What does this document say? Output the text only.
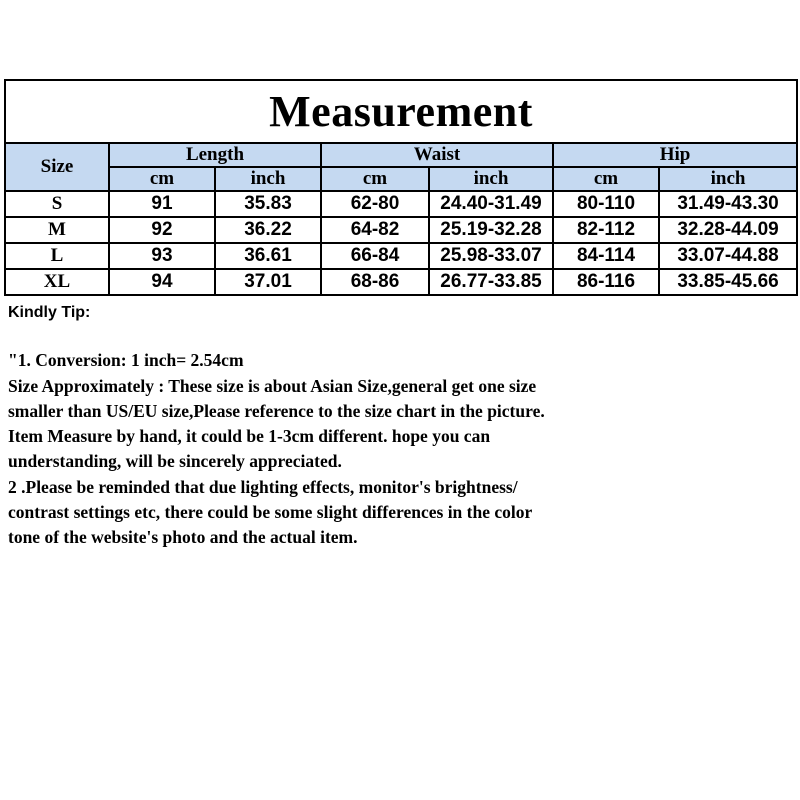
Measurement						
Size	Length		Waist		Hip	
	cm	inch	cm	inch	cm	inch
S	91	35.83	62-80	24.40-31.49	80-110	31.49-43.30
M	92	36.22	64-82	25.19-32.28	82-112	32.28-44.09
L	93	36.61	66-84	25.98-33.07	84-114	33.07-44.88
XL	94	37.01	68-86	26.77-33.85	86-116	33.85-45.66

Kindly Tip:

"1. Conversion: 1 inch= 2.54cm

Size Approximately : These size is about Asian Size,general get one size smaller than US/EU size,Please reference to the size chart in the picture. Item Measure by hand, it could be 1-3cm different. hope you can understanding, will be sincerely appreciated.

2 .Please be reminded that due lighting effects, monitor's brightness/ contrast settings etc, there could be some slight differences in the color tone of the website's photo and the actual item.
